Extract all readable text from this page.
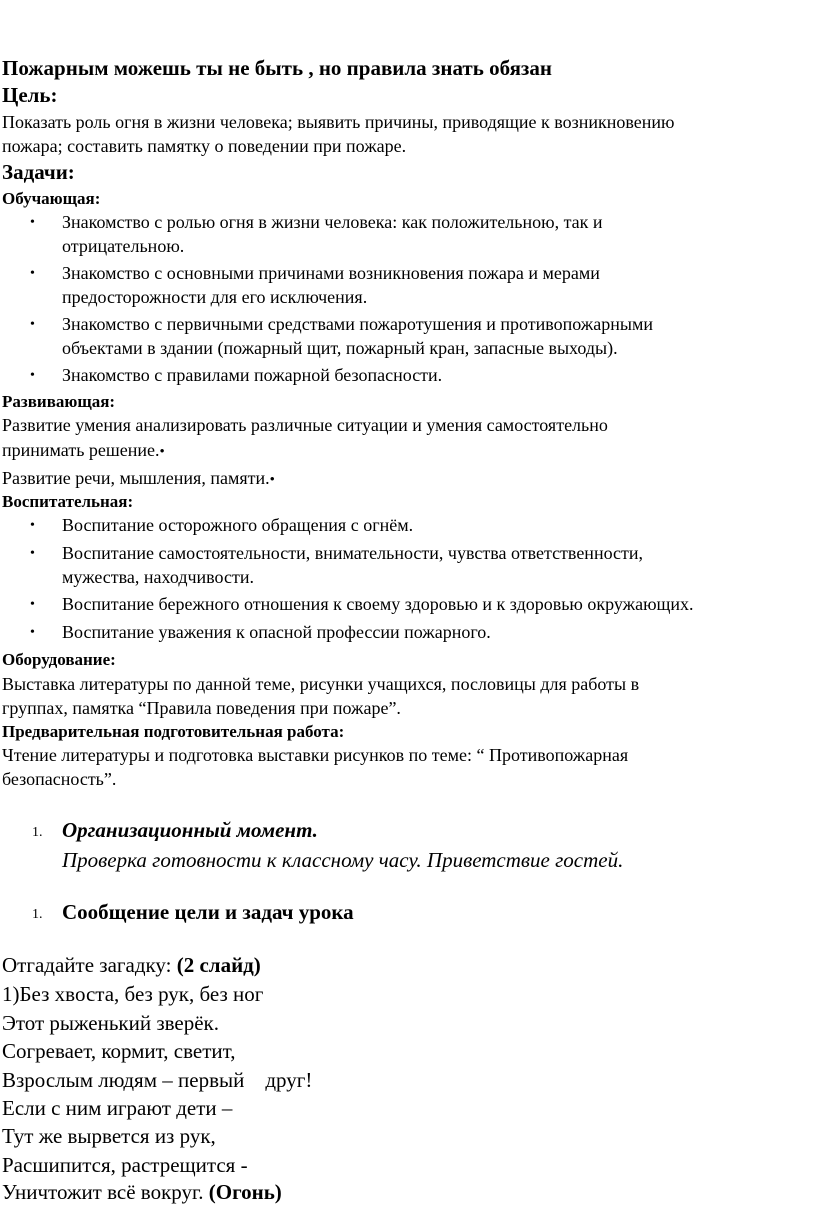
Пожарным можешь ты не быть , но правила знать обязан
Цель:
Показать роль огня в жизни человека; выявить причины, приводящие к возникновению
пожара; составить памятку о поведении при пожаре.
Задачи:
Обучающая:
• Знакомство с ролью огня в жизни человека: как положительною, так и
отрицательною.
• Знакомство с основными причинами возникновения пожара и мерами
предосторожности для его исключения.
• Знакомство с первичными средствами пожаротушения и противопожарными
объектами в здании (пожарный щит, пожарный кран, запасные выходы).
• Знакомство с правилами пожарной безопасности.
Развивающая:
Развитие умения анализировать различные ситуации и умения самостоятельно
принимать решение.•
Развитие речи, мышления, памяти.•
Воспитательная:
• Воспитание осторожного обращения с огнём.
• Воспитание самостоятельности, внимательности, чувства ответственности,
мужества, находчивости.
• Воспитание бережного отношения к своему здоровью и к здоровью окружающих.
• Воспитание уважения к опасной профессии пожарного.
Оборудование:
Выставка литературы по данной теме, рисунки учащихся, пословицы для работы в
группах, памятка “Правила поведения при пожаре”.
Предварительная подготовительная работа:
Чтение литературы и подготовка выставки рисунков по теме: “ Противопожарная
безопасность”.
1. Организационный момент.
Проверка готовности к классному часу. Приветствие гостей.
1. Сообщение цели и задач урока
Отгадайте загадку: (2 слайд)
1)Без хвоста, без рук, без ног
Этот рыженький зверёк.
Согревает, кормит, светит,
Взрослым людям – первый    друг!
Если с ним играют дети –
Тут же вырвется из рук,
Расшипится, растрещится -
Уничтожит всё вокруг. (Огонь)
